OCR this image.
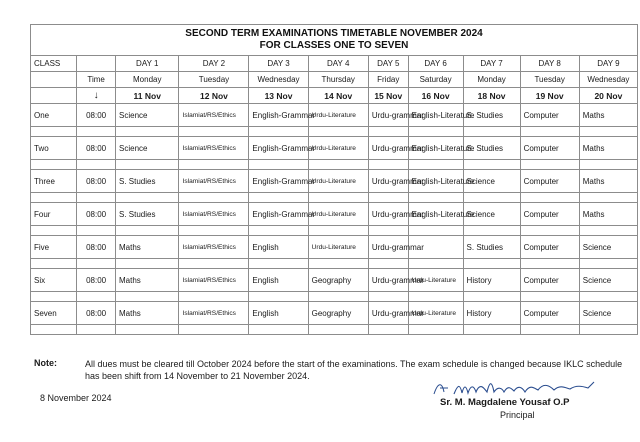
SECOND TERM EXAMINATIONS TIMETABLE NOVEMBER 2024
FOR CLASSES ONE TO SEVEN										
CLASS		DAY 1	DAY 2	DAY 3	DAY 4	DAY 5	DAY 6	DAY 7	DAY 8	DAY 9
	Time	Monday	Tuesday	Wednesday	Thursday	Friday	Saturday	Monday	Tuesday	Wednesday
	↓	11 Nov	12 Nov	13 Nov	14 Nov	15 Nov	16 Nov	18 Nov	19 Nov	20 Nov
One	08:00	Science	Islamiat/RS/Ethics	English-Grammar	Urdu-Literature	Urdu-grammar	English-Literature	S. Studies	Computer	Maths

Two	08:00	Science	Islamiat/RS/Ethics	English-Grammar	Urdu-Literature	Urdu-grammar	English-Literature	S. Studies	Computer	Maths

Three	08:00	S. Studies	Islamiat/RS/Ethics	English-Grammar	Urdu-Literature	Urdu-grammar	English-Literature	Science	Computer	Maths

Four	08:00	S. Studies	Islamiat/RS/Ethics	English-Grammar	Urdu-Literature	Urdu-grammar	English-Literature	Science	Computer	Maths

Five	08:00	Maths	Islamiat/RS/Ethics	English	Urdu-Literature	Urdu-grammar		S. Studies	Computer	Science

Six	08:00	Maths	Islamiat/RS/Ethics	English	Geography	Urdu-grammar	Urdu-Literature	History	Computer	Science

Seven	08:00	Maths	Islamiat/RS/Ethics	English	Geography	Urdu-grammar	Urdu-Literature	History	Computer	Science

Note:	All dues must be cleared till October 2024 before the start of the examinations. The exam schedule is changed because IKLC schedule has been shift from 14 November to 21 November 2024.
8 November 2024	Sr. M. Magdalene Yousaf O.P
Principal
